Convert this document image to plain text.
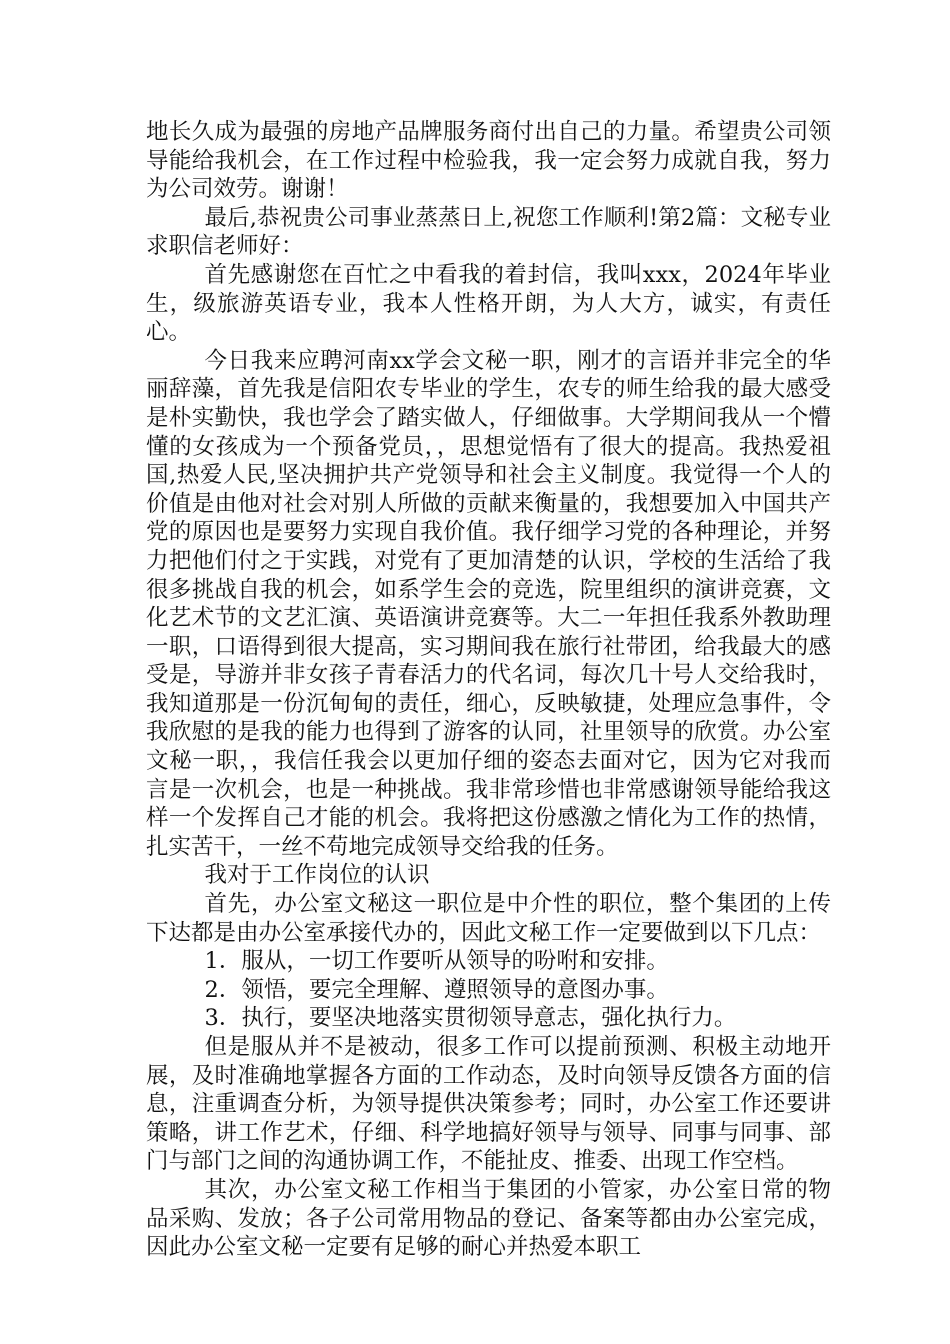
地长久成为最强的房地产品牌服务商付出自己的力量。希望贵公司领导能给我机会，在工作过程中检验我，我一定会努力成就自我，努力为公司效劳。谢谢！

最后,恭祝贵公司事业蒸蒸日上,祝您工作顺利!第2篇：文秘专业求职信老师好：

首先感谢您在百忙之中看我的着封信，我叫xxx，2024年毕业生，级旅游英语专业，我本人性格开朗，为人大方，诚实，有责任心。

今日我来应聘河南xx学会文秘一职，刚才的言语并非完全的华丽辞藻，首先我是信阳农专毕业的学生，农专的师生给我的最大感受是朴实勤快，我也学会了踏实做人，仔细做事。大学期间我从一个懵懂的女孩成为一个预备党员，，思想觉悟有了很大的提高。我热爱祖国,热爱人民,坚决拥护共产党领导和社会主义制度。我觉得一个人的价值是由他对社会对别人所做的贡献来衡量的，我想要加入中国共产党的原因也是要努力实现自我价值。我仔细学习党的各种理论，并努力把他们付之于实践，对党有了更加清楚的认识，学校的生活给了我很多挑战自我的机会，如系学生会的竞选，院里组织的演讲竞赛，文化艺术节的文艺汇演、英语演讲竞赛等。大二一年担任我系外教助理一职，口语得到很大提高，实习期间我在旅行社带团，给我最大的感受是，导游并非女孩子青春活力的代名词，每次几十号人交给我时，我知道那是一份沉甸甸的责任，细心，反映敏捷，处理应急事件，令我欣慰的是我的能力也得到了游客的认同，社里领导的欣赏。办公室文秘一职，，我信任我会以更加仔细的姿态去面对它，因为它对我而言是一次机会，也是一种挑战。我非常珍惜也非常感谢领导能给我这样一个发挥自己才能的机会。我将把这份感激之情化为工作的热情，扎实苦干，一丝不苟地完成领导交给我的任务。

我对于工作岗位的认识

首先，办公室文秘这一职位是中介性的职位，整个集团的上传下达都是由办公室承接代办的，因此文秘工作一定要做到以下几点：

1．服从，一切工作要听从领导的吩咐和安排。

2．领悟，要完全理解、遵照领导的意图办事。

3．执行，要坚决地落实贯彻领导意志，强化执行力。

但是服从并不是被动，很多工作可以提前预测、积极主动地开展，及时准确地掌握各方面的工作动态，及时向领导反馈各方面的信息，注重调查分析，为领导提供决策参考；同时，办公室工作还要讲策略，讲工作艺术，仔细、科学地搞好领导与领导、同事与同事、部门与部门之间的沟通协调工作，不能扯皮、推委、出现工作空档。

其次，办公室文秘工作相当于集团的小管家，办公室日常的物品采购、发放；各子公司常用物品的登记、备案等都由办公室完成，因此办公室文秘一定要有足够的耐心并热爱本职工
